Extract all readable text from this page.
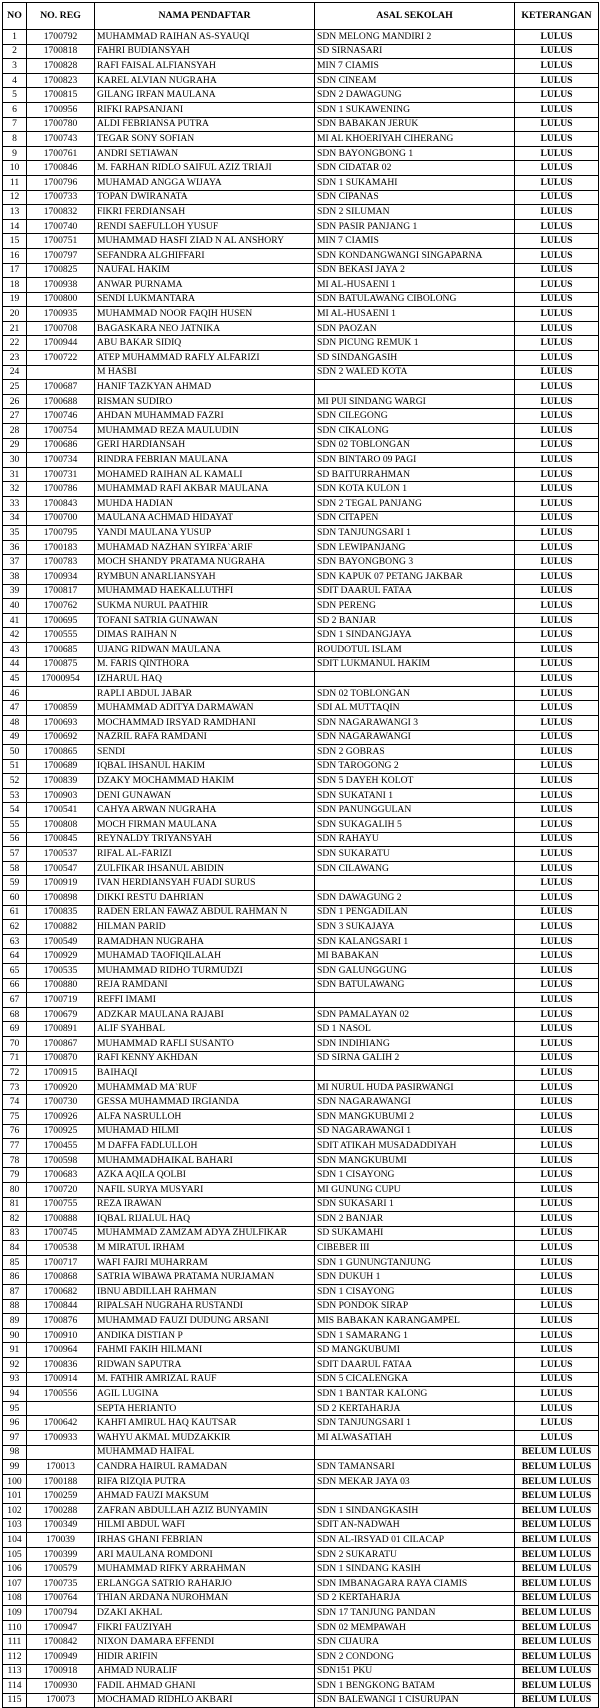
NO	NO. REG	NAMA PENDAFTAR	ASAL SEKOLAH	KETERANGAN
1	1700792	MUHAMMAD RAIHAN AS-SYAUQI	SDN MELONG MANDIRI 2	LULUS
2	1700818	FAHRI BUDIANSYAH	SD SIRNASARI	LULUS
3	1700828	RAFI FAISAL ALFIANSYAH	MIN 7 CIAMIS	LULUS
4	1700823	KAREL ALVIAN NUGRAHA	SDN CINEAM	LULUS
5	1700815	GILANG IRFAN MAULANA	SDN 2 DAWAGUNG	LULUS
6	1700956	RIFKI RAPSANJANI	SDN 1 SUKAWENING	LULUS
7	1700780	ALDI FEBRIANSA PUTRA	SDN BABAKAN JERUK	LULUS
8	1700743	TEGAR SONY SOFIAN	MI AL KHOERIYAH CIHERANG	LULUS
9	1700761	ANDRI SETIAWAN	SDN BAYONGBONG 1	LULUS
10	1700846	M. FARHAN RIDLO SAIFUL AZIZ TRIAJI	SDN CIDATAR 02	LULUS
11	1700796	MUHAMAD ANGGA WIJAYA	SDN 1 SUKAMAHI	LULUS
12	1700733	TOPAN DWIRANATA	SDN CIPANAS	LULUS
13	1700832	FIKRI FERDIANSAH	SDN 2 SILUMAN	LULUS
14	1700740	RENDI SAEFULLOH YUSUF	SDN PASIR PANJANG 1	LULUS
15	1700751	MUHAMMAD HASFI ZIAD N AL ANSHORY	MIN 7 CIAMIS	LULUS
16	1700797	SEFANDRA ALGHIFFARI	SDN KONDANGWANGI SINGAPARNA	LULUS
17	1700825	NAUFAL HAKIM	SDN BEKASI JAYA 2	LULUS
18	1700938	ANWAR PURNAMA	MI AL-HUSAENI 1	LULUS
19	1700800	SENDI LUKMANTARA	SDN BATULAWANG CIBOLONG	LULUS
20	1700935	MUHAMMAD NOOR FAQIH HUSEN	MI AL-HUSAENI 1	LULUS
21	1700708	BAGASKARA NEO JATNIKA	SDN PAOZAN	LULUS
22	1700944	ABU BAKAR SIDIQ	SDN PICUNG REMUK 1	LULUS
23	1700722	ATEP MUHAMMAD RAFLY ALFARIZI	SD SINDANGASIH	LULUS
24		M HASBI	SDN 2 WALED KOTA	LULUS
25	1700687	HANIF TAZKYAN AHMAD		LULUS
26	1700688	RISMAN SUDIRO	MI PUI SINDANG WARGI	LULUS
27	1700746	AHDAN MUHAMMAD FAZRI	SDN CILEGONG	LULUS
28	1700754	MUHAMMAD REZA MAULUDIN	SDN CIKALONG	LULUS
29	1700686	GERI HARDIANSAH	SDN 02 TOBLONGAN	LULUS
30	1700734	RINDRA FEBRIAN MAULANA	SDN BINTARO 09 PAGI	LULUS
31	1700731	MOHAMED RAIHAN AL KAMALI	SD BAITURRAHMAN	LULUS
32	1700786	MUHAMMAD RAFI AKBAR MAULANA	SDN KOTA KULON 1	LULUS
33	1700843	MUHDA HADIAN	SDN 2 TEGAL PANJANG	LULUS
34	1700700	MAULANA ACHMAD HIDAYAT	SDN CITAPEN	LULUS
35	1700795	YANDI MAULANA YUSUP	SDN TANJUNGSARI 1	LULUS
36	1700183	MUHAMAD NAZHAN SYIRFA`ARIF	SDN LEWIPANJANG	LULUS
37	1700783	MOCH SHANDY PRATAMA NUGRAHA	SDN BAYONGBONG 3	LULUS
38	1700934	RYMBUN ANARLIANSYAH	SDN KAPUK 07 PETANG JAKBAR	LULUS
39	1700817	MUHAMMAD HAEKALLUTHFI	SDIT DAARUL FATAA	LULUS
40	1700762	SUKMA NURUL PAATHIR	SDN PERENG	LULUS
41	1700695	TOFANI SATRIA GUNAWAN	SD 2 BANJAR	LULUS
42	1700555	DIMAS RAIHAN N	SDN 1 SINDANGJAYA	LULUS
43	1700685	UJANG RIDWAN MAULANA	ROUDOTUL ISLAM	LULUS
44	1700875	M. FARIS QINTHORA	SDIT LUKMANUL HAKIM	LULUS
45	17000954	IZHARUL HAQ		LULUS
46		RAPLI ABDUL JABAR	SDN 02 TOBLONGAN	LULUS
47	1700859	MUHAMMAD ADITYA DARMAWAN	SDI AL MUTTAQIN	LULUS
48	1700693	MOCHAMMAD IRSYAD RAMDHANI	SDN NAGARAWANGI 3	LULUS
49	1700692	NAZRIL RAFA RAMDANI	SDN NAGARAWANGI	LULUS
50	1700865	SENDI	SDN 2 GOBRAS	LULUS
51	1700689	IQBAL IHSANUL HAKIM	SDN TAROGONG 2	LULUS
52	1700839	DZAKY MOCHAMMAD HAKIM	SDN 5 DAYEH KOLOT	LULUS
53	1700903	DENI GUNAWAN	SDN SUKATANI 1	LULUS
54	1700541	CAHYA ARWAN NUGRAHA	SDN PANUNGGULAN	LULUS
55	1700808	MOCH FIRMAN MAULANA	SDN SUKAGALIH 5	LULUS
56	1700845	REYNALDY TRIYANSYAH	SDN RAHAYU	LULUS
57	1700537	RIFAL AL-FARIZI	SDN SUKARATU	LULUS
58	1700547	ZULFIKAR IHSANUL ABIDIN	SDN CILAWANG	LULUS
59	1700919	IVAN HERDIANSYAH FUADI SURUS		LULUS
60	1700898	DIKKI RESTU DAHRIAN	SDN DAWAGUNG 2	LULUS
61	1700835	RADEN ERLAN FAWAZ ABDUL RAHMAN N	SDN 1 PENGADILAN	LULUS
62	1700882	HILMAN PARID	SDN 3 SUKAJAYA	LULUS
63	1700549	RAMADHAN NUGRAHA	SDN KALANGSARI 1	LULUS
64	1700929	MUHAMAD TAOFIQILALAH	MI BABAKAN	LULUS
65	1700535	MUHAMMAD RIDHO TURMUDZI	SDN GALUNGGUNG	LULUS
66	1700880	REJA RAMDANI	SDN BATULAWANG	LULUS
67	1700719	REFFI IMAMI		LULUS
68	1700679	ADZKAR MAULANA RAJABI	SDN PAMALAYAN 02	LULUS
69	1700891	ALIF SYAHBAL	SD 1 NASOL	LULUS
70	1700867	MUHAMMAD RAFLI SUSANTO	SDN INDIHIANG	LULUS
71	1700870	RAFI KENNY AKHDAN	SD SIRNA GALIH 2	LULUS
72	1700915	BAIHAQI		LULUS
73	1700920	MUHAMMAD MA`RUF	MI NURUL HUDA PASIRWANGI	LULUS
74	1700730	GESSA MUHAMMAD IRGIANDA	SDN NAGARAWANGI	LULUS
75	1700926	ALFA NASRULLOH	SDN MANGKUBUMI 2	LULUS
76	1700925	MUHAMAD HILMI	SD NAGARAWANGI 1	LULUS
77	1700455	M DAFFA FADLULLOH	SDIT ATIKAH MUSADADDIYAH	LULUS
78	1700598	MUHAMMADHAIKAL BAHARI	SDN MANGKUBUMI	LULUS
79	1700683	AZKA AQILA QOLBI	SDN 1 CISAYONG	LULUS
80	1700720	NAFIL SURYA MUSYARI	MI GUNUNG CUPU	LULUS
81	1700755	REZA IRAWAN	SDN SUKASARI 1	LULUS
82	1700888	IQBAL RIJALUL HAQ	SDN 2 BANJAR	LULUS
83	1700745	MUHAMMAD ZAMZAM ADYA ZHULFIKAR	SD SUKAMAHI	LULUS
84	1700538	M MIRATUL IRHAM	CIBEBER III	LULUS
85	1700717	WAFI FAJRI MUHARRAM	SDN 1 GUNUNGTANJUNG	LULUS
86	1700868	SATRIA WIBAWA PRATAMA NURJAMAN	SDN DUKUH 1	LULUS
87	1700682	IBNU ABDILLAH RAHMAN	SDN 1 CISAYONG	LULUS
88	1700844	RIPALSAH NUGRAHA RUSTANDI	SDN PONDOK SIRAP	LULUS
89	1700876	MUHAMMAD FAUZI DUDUNG ARSANI	MIS BABAKAN KARANGAMPEL	LULUS
90	1700910	ANDIKA DISTIAN P	SDN 1 SAMARANG 1	LULUS
91	1700964	FAHMI FAKIH HILMANI	SD MANGKUBUMI	LULUS
92	1700836	RIDWAN SAPUTRA	SDIT DAARUL FATAA	LULUS
93	1700914	M. FATHIR AMRIZAL RAUF	SDN 5 CICALENGKA	LULUS
94	1700556	AGIL LUGINA	SDN 1 BANTAR KALONG	LULUS
95		SEPTA HERIANTO	SD 2 KERTAHARJA	LULUS
96	1700642	KAHFI AMIRUL HAQ KAUTSAR	SDN TANJUNGSARI 1	LULUS
97	1700933	WAHYU AKMAL MUDZAKKIR	MI ALWASATIAH	LULUS
98		MUHAMMAD HAIFAL		BELUM LULUS
99	170013	CANDRA HAIRUL RAMADAN	SDN TAMANSARI	BELUM LULUS
100	1700188	RIFA RIZQIA PUTRA	SDN MEKAR JAYA 03	BELUM LULUS
101	1700259	AHMAD FAUZI MAKSUM		BELUM LULUS
102	1700288	ZAFRAN ABDULLAH AZIZ BUNYAMIN	SDN 1 SINDANGKASIH	BELUM LULUS
103	1700349	HILMI ABDUL WAFI	SDIT AN-NADWAH	BELUM LULUS
104	170039	IRHAS GHANI FEBRIAN	SDN AL-IRSYAD 01 CILACAP	BELUM LULUS
105	1700399	ARI MAULANA ROMDONI	SDN 2 SUKARATU	BELUM LULUS
106	1700579	MUHAMMAD RIFKY ARRAHMAN	SDN 1 SINDANG KASIH	BELUM LULUS
107	1700735	ERLANGGA SATRIO RAHARJO	SDN IMBANAGARA RAYA CIAMIS	BELUM LULUS
108	1700764	THIAN ARDANA NUROHMAN	SD 2 KERTAHARJA	BELUM LULUS
109	1700794	DZAKI AKHAL	SDN 17 TANJUNG PANDAN	BELUM LULUS
110	1700947	FIKRI FAUZIYAH	SDN 02 MEMPAWAH	BELUM LULUS
111	1700842	NIXON DAMARA EFFENDI	SDN CIJAURA	BELUM LULUS
112	1700949	HIDIR ARIFIN	SDN 2 CONDONG	BELUM LULUS
113	1700918	AHMAD NURALIF	SDN151 PKU	BELUM LULUS
114	1700930	FADIL AHMAD GHANI	SDN 1 BENGKONG BATAM	BELUM LULUS
115	170073	MOCHAMAD RIDHLO AKBARI	SDN BALEWANGI 1 CISURUPAN	BELUM LULUS
